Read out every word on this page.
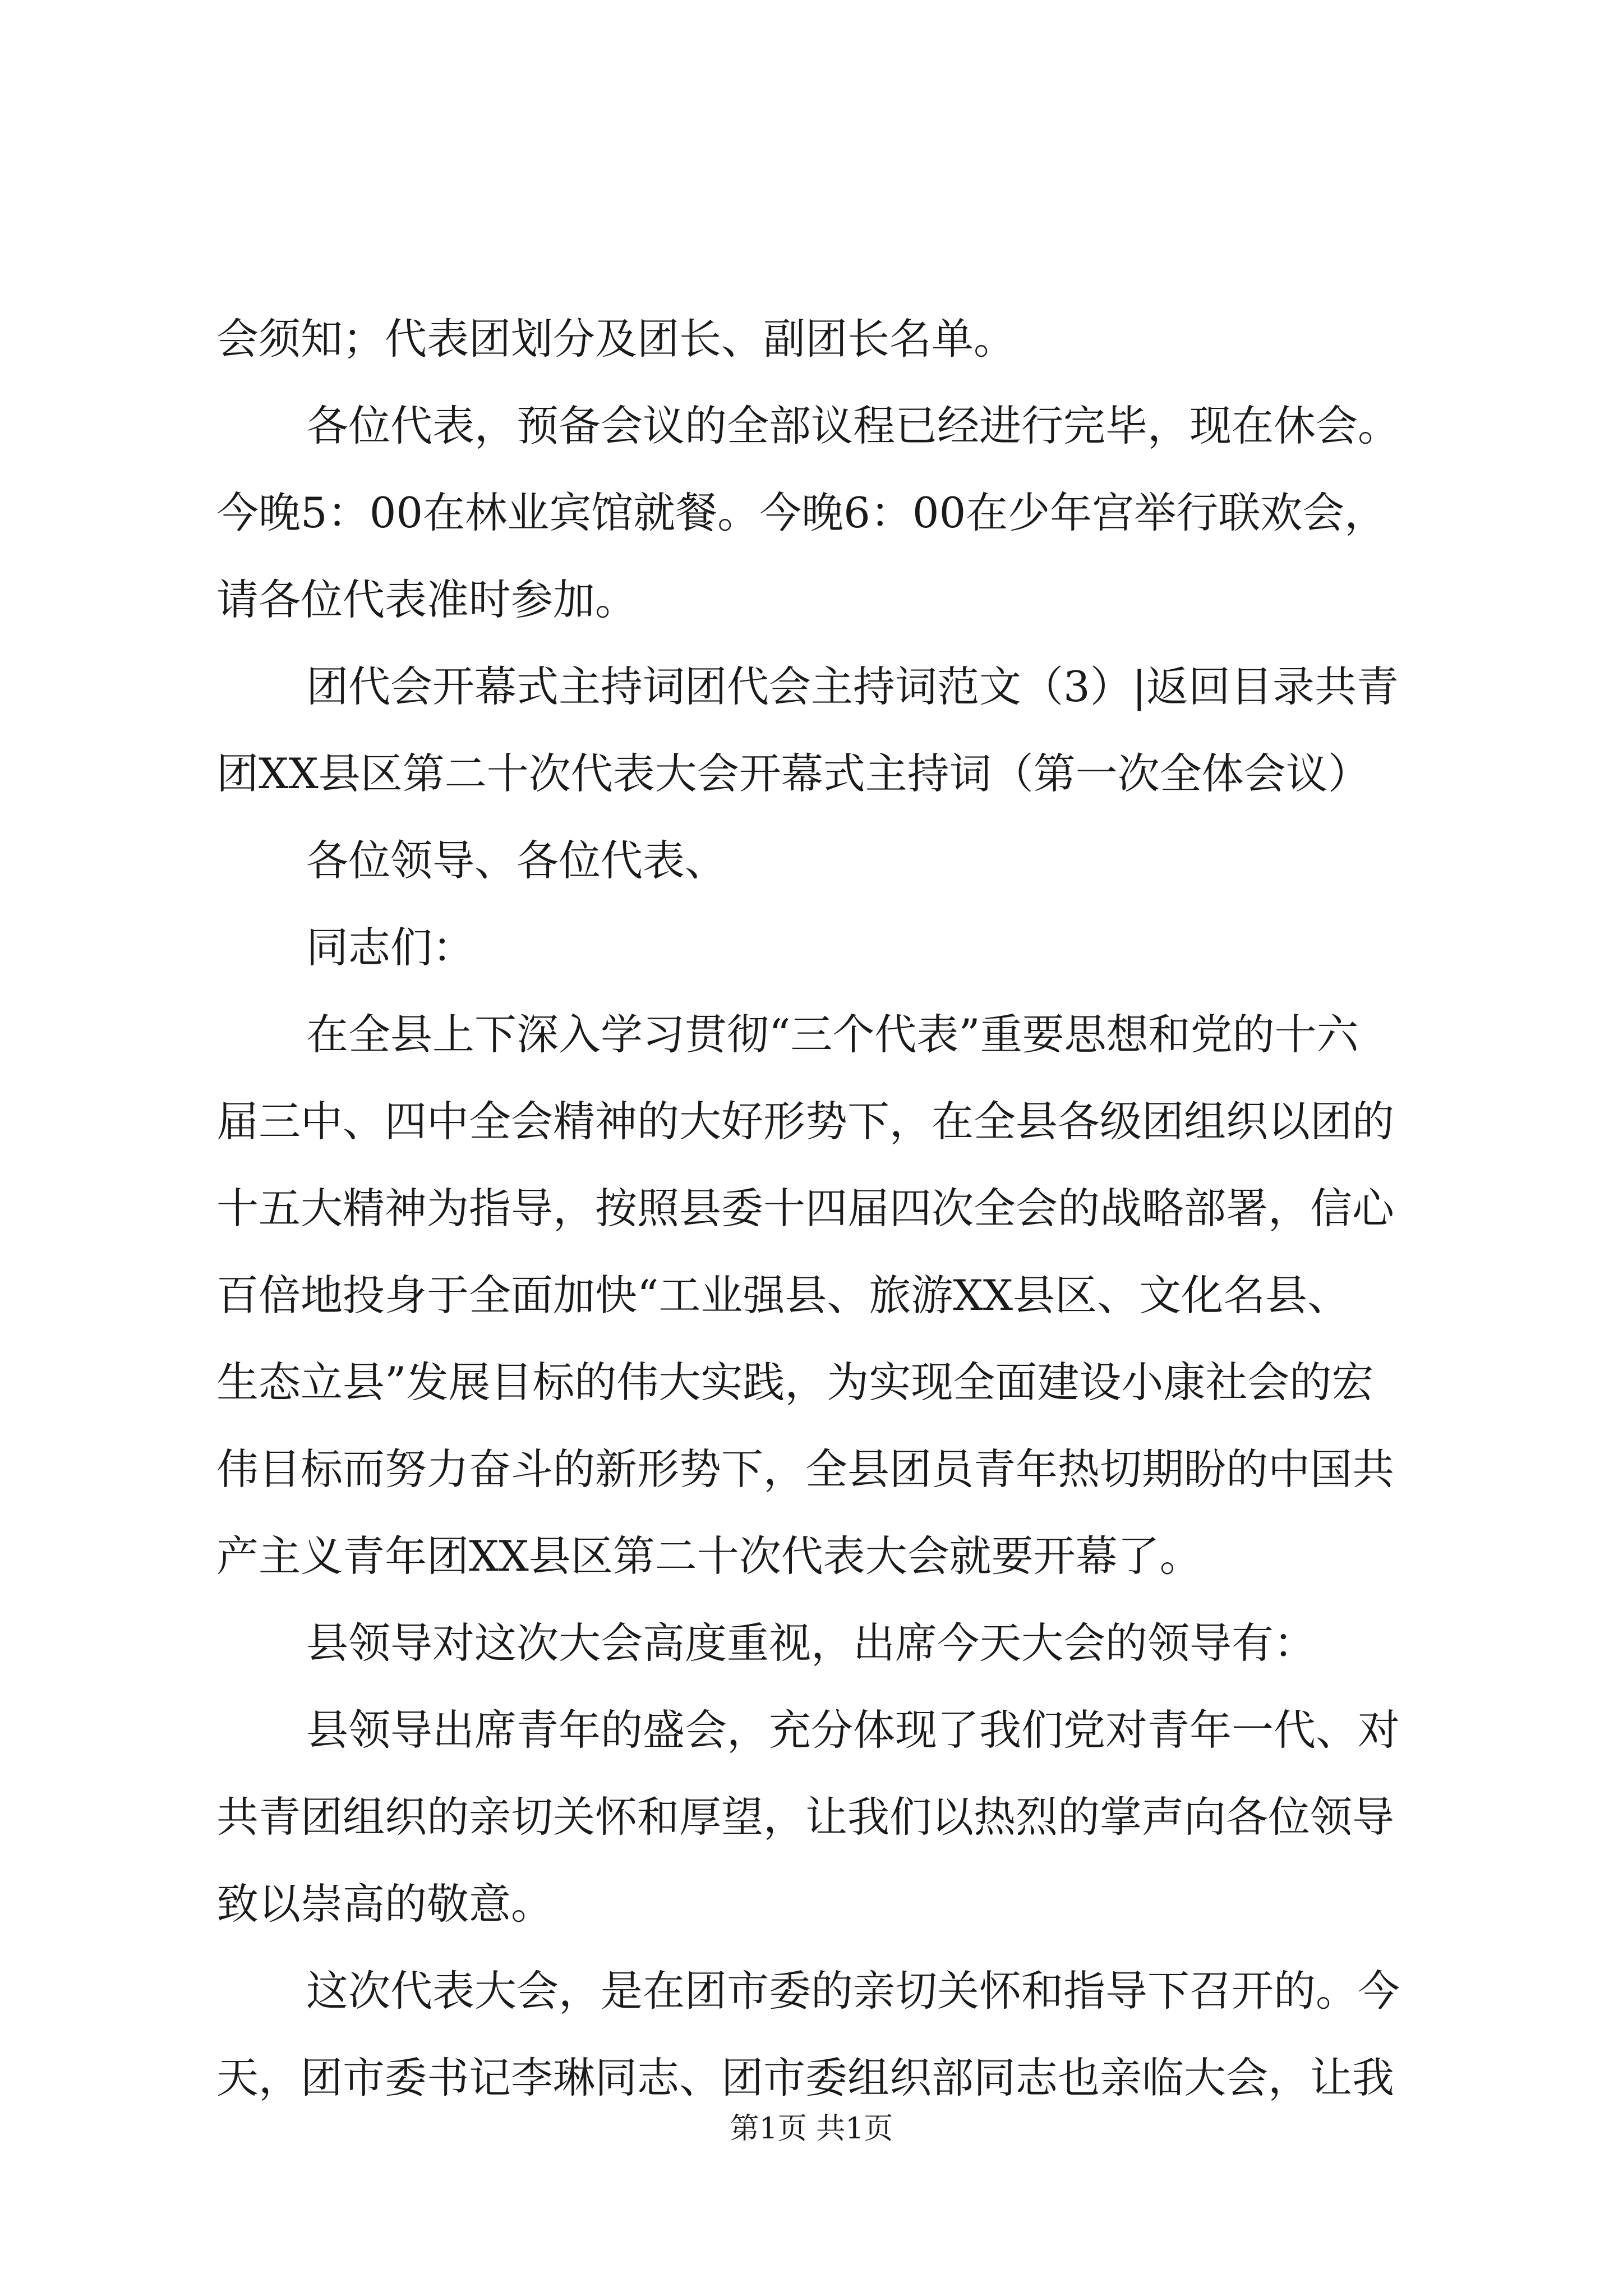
会须知；代表团划分及团长、副团长名单。
各位代表，预备会议的全部议程已经进行完毕，现在休会。
今晚5：00在林业宾馆就餐。今晚6：00在少年宫举行联欢会，
请各位代表准时参加。
团代会开幕式主持词团代会主持词范文（3）|返回目录共青
团XX县区第二十次代表大会开幕式主持词（第一次全体会议）
各位领导、各位代表、
同志们：
在全县上下深入学习贯彻“三个代表”重要思想和党的十六
届三中、四中全会精神的大好形势下，在全县各级团组织以团的
十五大精神为指导，按照县委十四届四次全会的战略部署，信心
百倍地投身于全面加快“工业强县、旅游XX县区、文化名县、
生态立县”发展目标的伟大实践，为实现全面建设小康社会的宏
伟目标而努力奋斗的新形势下，全县团员青年热切期盼的中国共
产主义青年团XX县区第二十次代表大会就要开幕了。
县领导对这次大会高度重视，出席今天大会的领导有：
县领导出席青年的盛会，充分体现了我们党对青年一代、对
共青团组织的亲切关怀和厚望，让我们以热烈的掌声向各位领导
致以崇高的敬意。
这次代表大会，是在团市委的亲切关怀和指导下召开的。今
天，团市委书记李琳同志、团市委组织部同志也亲临大会，让我
第1页 共1页
